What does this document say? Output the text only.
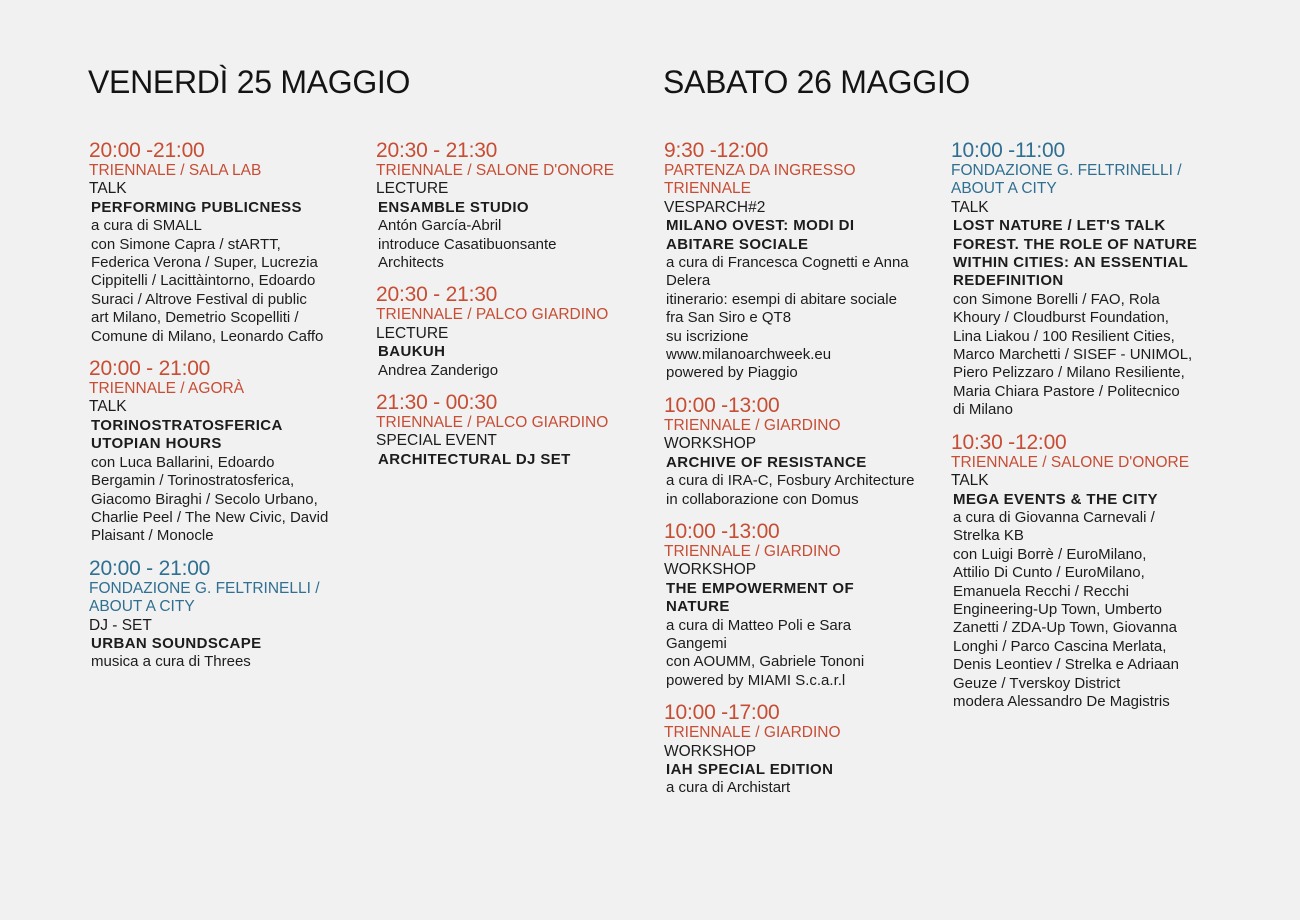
VENERDÌ 25 MAGGIO	SABATO 26 MAGGIO
20:00 -21:00
TRIENNALE / SALA LAB
TALK
PERFORMING PUBLICNESS
a cura di SMALL
con Simone Capra / stARTT,
Federica Verona / Super, Lucrezia
Cippitelli / Lacittàintorno, Edoardo
Suraci / Altrove Festival di public
art Milano, Demetrio Scopelliti /
Comune di Milano, Leonardo Caffo
20:00 - 21:00
TRIENNALE / AGORÀ
TALK
TORINOSTRATOSFERICA
UTOPIAN HOURS
con Luca Ballarini, Edoardo
Bergamin / Torinostratosferica,
Giacomo Biraghi / Secolo Urbano,
Charlie Peel / The New Civic, David
Plaisant / Monocle
20:00 - 21:00
FONDAZIONE G. FELTRINELLI /
ABOUT A CITY
DJ - SET
URBAN SOUNDSCAPE
musica a cura di Threes
20:30 - 21:30
TRIENNALE / SALONE D'ONORE
LECTURE
ENSAMBLE STUDIO
Antón García-Abril
introduce Casatibuonsante
Architects
20:30 - 21:30
TRIENNALE / PALCO GIARDINO
LECTURE
BAUKUH
Andrea Zanderigo
21:30 - 00:30
TRIENNALE / PALCO GIARDINO
SPECIAL EVENT
ARCHITECTURAL DJ SET
9:30 -12:00
PARTENZA DA INGRESSO
TRIENNALE
VESPARCH#2
MILANO OVEST: MODI DI
ABITARE SOCIALE
a cura di Francesca Cognetti e Anna
Delera
itinerario: esempi di abitare sociale
fra San Siro e QT8
su iscrizione
www.milanoarchweek.eu
powered by Piaggio
10:00 -13:00
TRIENNALE / GIARDINO
WORKSHOP
ARCHIVE OF RESISTANCE
a cura di IRA-C, Fosbury Architecture
in collaborazione con Domus
10:00 -13:00
TRIENNALE / GIARDINO
WORKSHOP
THE EMPOWERMENT OF
NATURE
a cura di Matteo Poli e Sara
Gangemi
con AOUMM, Gabriele Tononi
powered by MIAMI S.c.a.r.l
10:00 -17:00
TRIENNALE / GIARDINO
WORKSHOP
IAH SPECIAL EDITION
a cura di Archistart
10:00 -11:00
FONDAZIONE G. FELTRINELLI /
ABOUT A CITY
TALK
LOST NATURE / LET'S TALK
FOREST. THE ROLE OF NATURE
WITHIN CITIES: AN ESSENTIAL
REDEFINITION
con Simone Borelli / FAO, Rola
Khoury / Cloudburst Foundation,
Lina Liakou / 100 Resilient Cities,
Marco Marchetti / SISEF - UNIMOL,
Piero Pelizzaro / Milano Resiliente,
Maria Chiara Pastore / Politecnico
di Milano
10:30 -12:00
TRIENNALE / SALONE D'ONORE
TALK
MEGA EVENTS & THE CITY
a cura di Giovanna Carnevali /
Strelka KB
con Luigi Borrè / EuroMilano,
Attilio Di Cunto / EuroMilano,
Emanuela Recchi / Recchi
Engineering-Up Town, Umberto
Zanetti / ZDA-Up Town, Giovanna
Longhi / Parco Cascina Merlata,
Denis Leontiev / Strelka e Adriaan
Geuze / Tverskoy District
modera Alessandro De Magistris
